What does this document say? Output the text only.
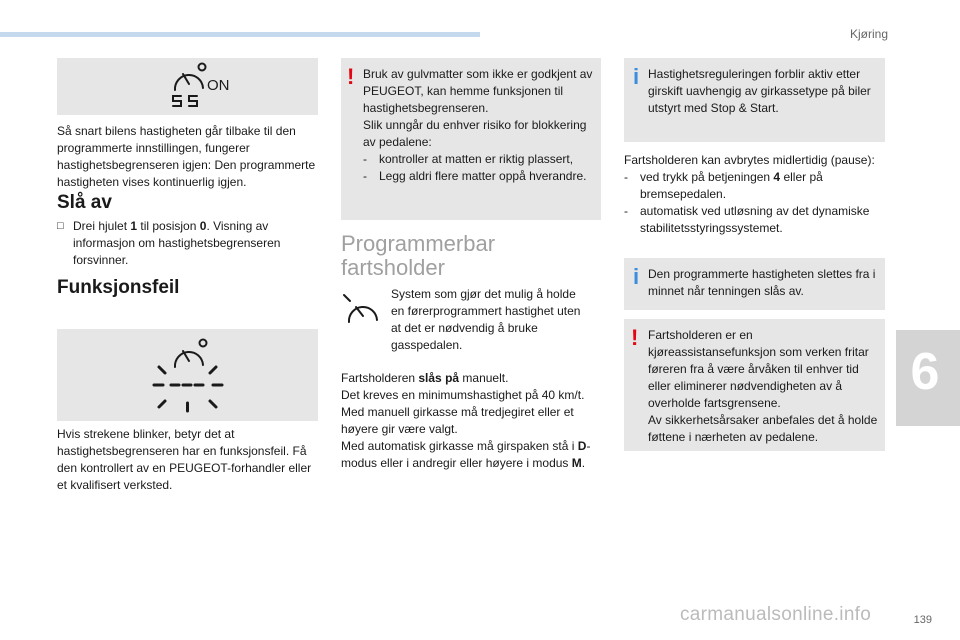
Kjøring
6
ON
Så snart bilens hastigheten går tilbake til den programmerte innstillingen, fungerer hastighetsbegrenseren igjen: Den programmerte hastigheten vises kontinuerlig igjen.
Slå av
□ Drei hjulet 1 til posisjon 0. Visning av informasjon om hastighetsbegrenseren forsvinner.
Funksjonsfeil
Hvis strekene blinker, betyr det at hastighetsbegrenseren har en funksjonsfeil. Få den kontrollert av en PEUGEOT-forhandler eller et kvalifisert verksted.
! Bruk av gulvmatter som ikke er godkjent av PEUGEOT, kan hemme funksjonen til hastighetsbegrenseren.
Slik unngår du enhver risiko for blokkering av pedalene:
-	kontroller at matten er riktig plassert,
-	Legg aldri flere matter oppå hverandre.
Programmerbar fartsholder
System som gjør det mulig å holde en førerprogrammert hastighet uten at det er nødvendig å bruke gasspedalen.
Fartsholderen slås på manuelt.
Det kreves en minimumshastighet på 40 km/t.
Med manuell girkasse må tredjegiret eller et høyere gir være valgt.
Med automatisk girkasse må girspaken stå i D-modus eller i andregir eller høyere i modus M.
i Hastighetsreguleringen forblir aktiv etter girskift uavhengig av girkassetype på biler utstyrt med Stop & Start.
Fartsholderen kan avbrytes midlertidig (pause):
-	ved trykk på betjeningen 4 eller på bremsepedalen.
-	automatisk ved utløsning av det dynamiske stabilitetsstyringssystemet.
i Den programmerte hastigheten slettes fra i minnet når tenningen slås av.
! Fartsholderen er en kjøreassistansefunksjon som verken fritar føreren fra å være årvåken til enhver tid eller eliminerer nødvendigheten av å overholde fartsgrensene.
Av sikkerhetsårsaker anbefales det å holde føttene i nærheten av pedalene.
carmanualsonline.info	139
